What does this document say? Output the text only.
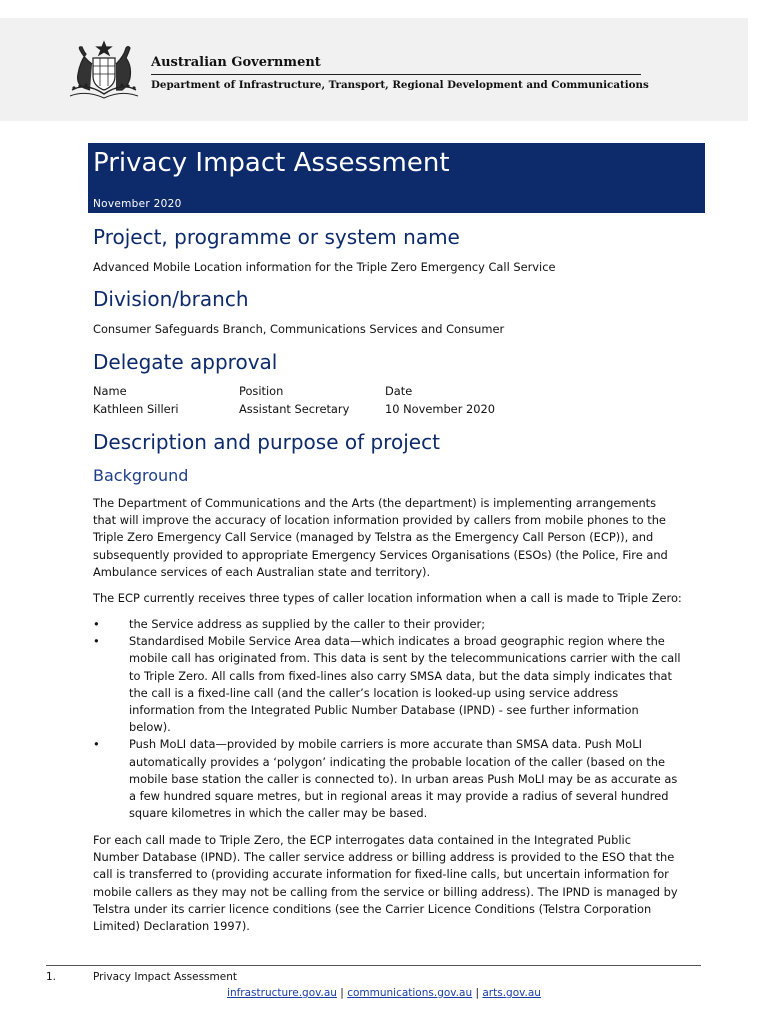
Australian Government
Department of Infrastructure, Transport, Regional Development and Communications
Privacy Impact Assessment
November 2020
Project, programme or system name

Advanced Mobile Location information for the Triple Zero Emergency Call Service

Division/branch

Consumer Safeguards Branch, Communications Services and Consumer

Delegate approval
Name	Position	Date
Kathleen Silleri	Assistant Secretary	10 November 2020
Description and purpose of project
Background

The Department of Communications and the Arts (the department) is implementing arrangements
that will improve the accuracy of location information provided by callers from mobile phones to the
Triple Zero Emergency Call Service (managed by Telstra as the Emergency Call Person (ECP)), and
subsequently provided to appropriate Emergency Services Organisations (ESOs) (the Police, Fire and
Ambulance services of each Australian state and territory).

The ECP currently receives three types of caller location information when a call is made to Triple Zero:

•	the Service address as supplied by the caller to their provider;
•	Standardised Mobile Service Area data—which indicates a broad geographic region where the
mobile call has originated from. This data is sent by the telecommunications carrier with the call
to Triple Zero. All calls from fixed-lines also carry SMSA data, but the data simply indicates that
the call is a fixed-line call (and the caller’s location is looked-up using service address
information from the Integrated Public Number Database (IPND) - see further information
below).
•	Push MoLI data—provided by mobile carriers is more accurate than SMSA data. Push MoLI
automatically provides a ‘polygon’ indicating the probable location of the caller (based on the
mobile base station the caller is connected to). In urban areas Push MoLI may be as accurate as
a few hundred square metres, but in regional areas it may provide a radius of several hundred
square kilometres in which the caller may be based.

For each call made to Triple Zero, the ECP interrogates data contained in the Integrated Public
Number Database (IPND). The caller service address or billing address is provided to the ESO that the
call is transferred to (providing accurate information for fixed-line calls, but uncertain information for
mobile callers as they may not be calling from the service or billing address). The IPND is managed by
Telstra under its carrier licence conditions (see the Carrier Licence Conditions (Telstra Corporation
Limited) Declaration 1997).

1.	Privacy Impact Assessment
infrastructure.gov.au | communications.gov.au | arts.gov.au
